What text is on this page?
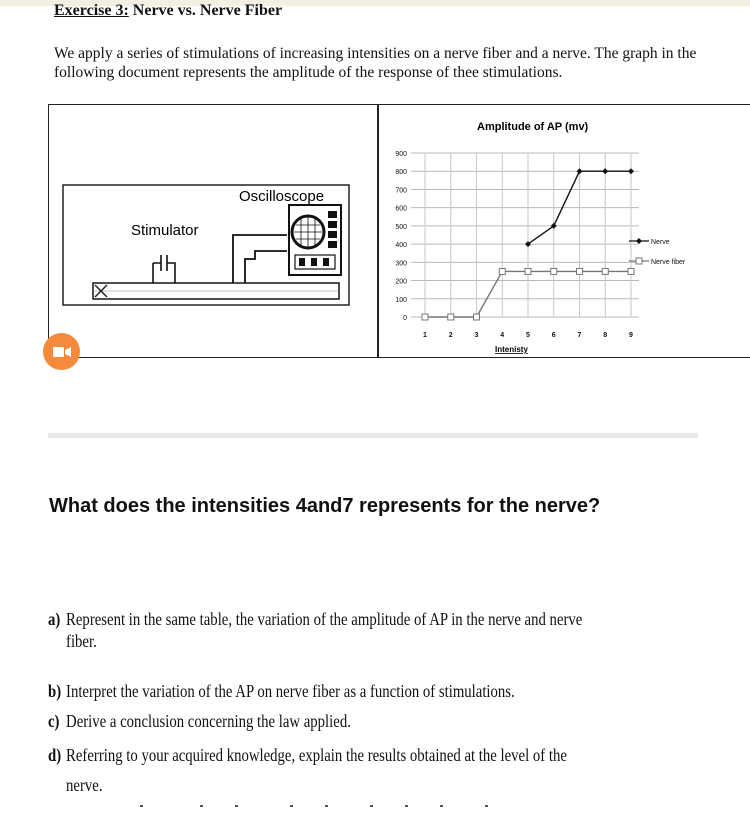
Exercise 3: Nerve vs. Nerve Fiber
We apply a series of stimulations of increasing intensities on a nerve fiber and a nerve. The graph in the following document represents the amplitude of the response of thee stimulations.
Oscilloscope
Stimulator
Amplitude of AP (mv)
Intenisty
0
100
200
300
400
500
600
700
800
900
1	2	3	4	5	6	7	8	9
Nerve
Nerve fiber
What does the intensities 4and7 represents for the nerve?
a) Represent in the same table, the variation of the amplitude of AP in the nerve and nerve
fiber.
b) Interpret the variation of the AP on nerve fiber as a function of stimulations.
c) Derive a conclusion concerning the law applied.
d) Referring to your acquired knowledge, explain the results obtained at the level of the
nerve.
